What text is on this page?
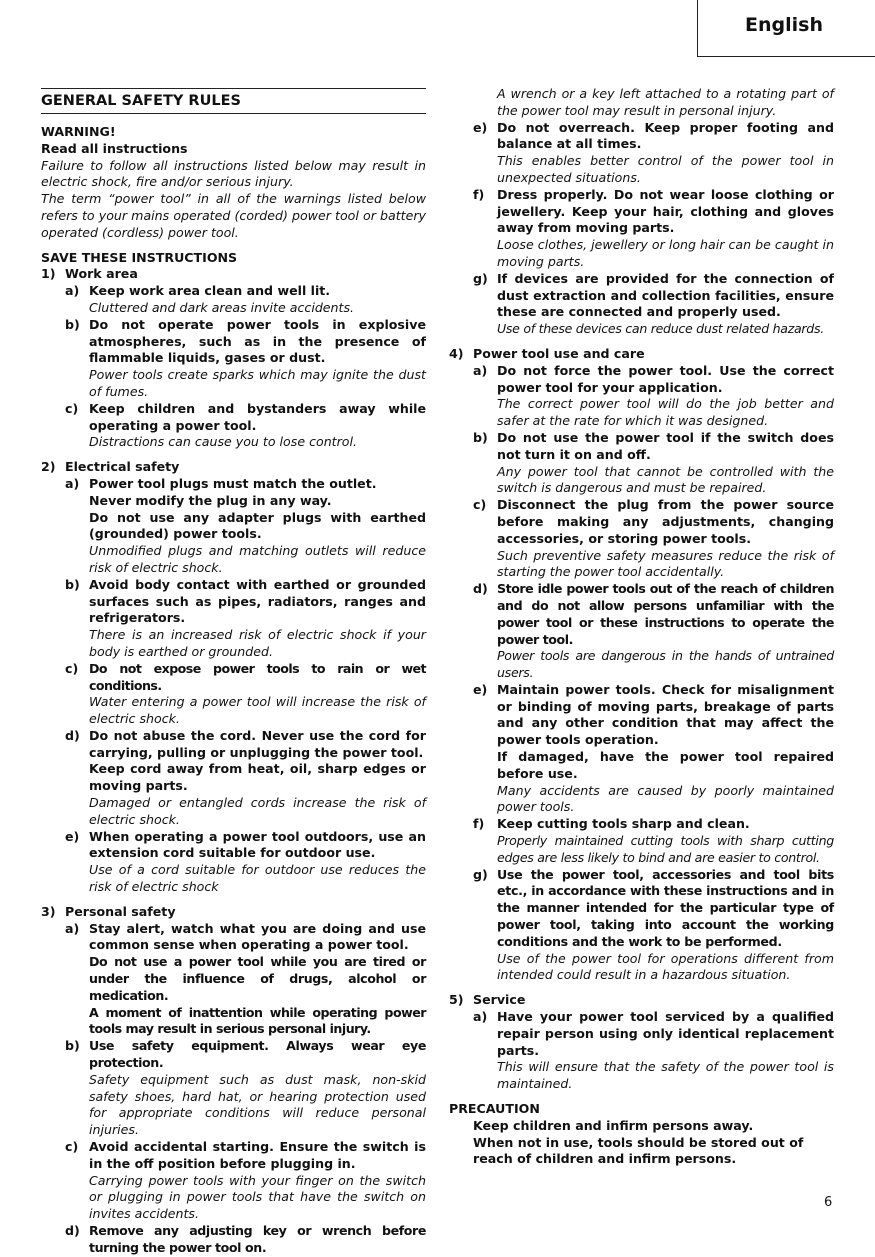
English
GENERAL SAFETY RULES

WARNING!

Read all instructions

Failure to follow all instructions listed below may result in electric shock, fire and/or serious injury.

The term “power tool” in all of the warnings listed below refers to your mains operated (corded) power tool or battery operated (cordless) power tool.

SAVE THESE INSTRUCTIONS

1) Work area
a) Keep work area clean and well lit.

Cluttered and dark areas invite accidents.

b) Do not operate power tools in explosive atmospheres, such as in the presence of flammable liquids, gases or dust.

Power tools create sparks which may ignite the dust of fumes.

c) Keep children and bystanders away while operating a power tool.

Distractions can cause you to lose control.

2) Electrical safety
a) Power tool plugs must match the outlet.

Never modify the plug in any way.

Do not use any adapter plugs with earthed (grounded) power tools.

Unmodified plugs and matching outlets will reduce risk of electric shock.

b) Avoid body contact with earthed or grounded surfaces such as pipes, radiators, ranges and refrigerators.

There is an increased risk of electric shock if your body is earthed or grounded.

c) Do not expose power tools to rain or wet conditions.

Water entering a power tool will increase the risk of electric shock.

d) Do not abuse the cord. Never use the cord for carrying, pulling or unplugging the power tool.

Keep cord away from heat, oil, sharp edges or moving parts.

Damaged or entangled cords increase the risk of electric shock.

e) When operating a power tool outdoors, use an extension cord suitable for outdoor use.

Use of a cord suitable for outdoor use reduces the risk of electric shock

3) Personal safety
a) Stay alert, watch what you are doing and use common sense when operating a power tool.

Do not use a power tool while you are tired or under the influence of drugs, alcohol or medication.

A moment of inattention while operating power tools may result in serious personal injury.

b) Use safety equipment. Always wear eye protection.

Safety equipment such as dust mask, non-skid safety shoes, hard hat, or hearing protection used for appropriate conditions will reduce personal injuries.

c) Avoid accidental starting. Ensure the switch is in the off position before plugging in.

Carrying power tools with your finger on the switch or plugging in power tools that have the switch on invites accidents.

d) Remove any adjusting key or wrench before turning the power tool on.

A wrench or a key left attached to a rotating part of the power tool may result in personal injury.

e) Do not overreach. Keep proper footing and balance at all times.

This enables better control of the power tool in unexpected situations.

f)	Dress properly. Do not wear loose clothing or jewellery. Keep your hair, clothing and gloves away from moving parts.

Loose clothes, jewellery or long hair can be caught in moving parts.

g) If devices are provided for the connection of dust extraction and collection facilities, ensure these are connected and properly used.

Use of these devices can reduce dust related hazards.

4) Power tool use and care
a) Do not force the power tool. Use the correct power tool for your application.

The correct power tool will do the job better and safer at the rate for which it was designed.

b) Do not use the power tool if the switch does not turn it on and off.

Any power tool that cannot be controlled with the switch is dangerous and must be repaired.

c) Disconnect the plug from the power source before making any adjustments, changing accessories, or storing power tools.

Such preventive safety measures reduce the risk of starting the power tool accidentally.

d) Store idle power tools out of the reach of children and do not allow persons unfamiliar with the power tool or these instructions to operate the power tool.

Power tools are dangerous in the hands of untrained users.

e) Maintain power tools. Check for misalignment or binding of moving parts, breakage of parts and any other condition that may affect the power tools operation.

If damaged, have the power tool repaired before use.

Many accidents are caused by poorly maintained power tools.

f)	Keep cutting tools sharp and clean.

Properly maintained cutting tools with sharp cutting edges are less likely to bind and are easier to control.

g) Use the power tool, accessories and tool bits etc., in accordance with these instructions and in the manner intended for the particular type of power tool, taking into account the working conditions and the work to be performed.

Use of the power tool for operations different from intended could result in a hazardous situation.

5) Service
a) Have your power tool serviced by a qualified repair person using only identical replacement parts.

This will ensure that the safety of the power tool is maintained.

PRECAUTION

Keep children and infirm persons away.

When not in use, tools should be stored out of reach of children and infirm persons.

6
